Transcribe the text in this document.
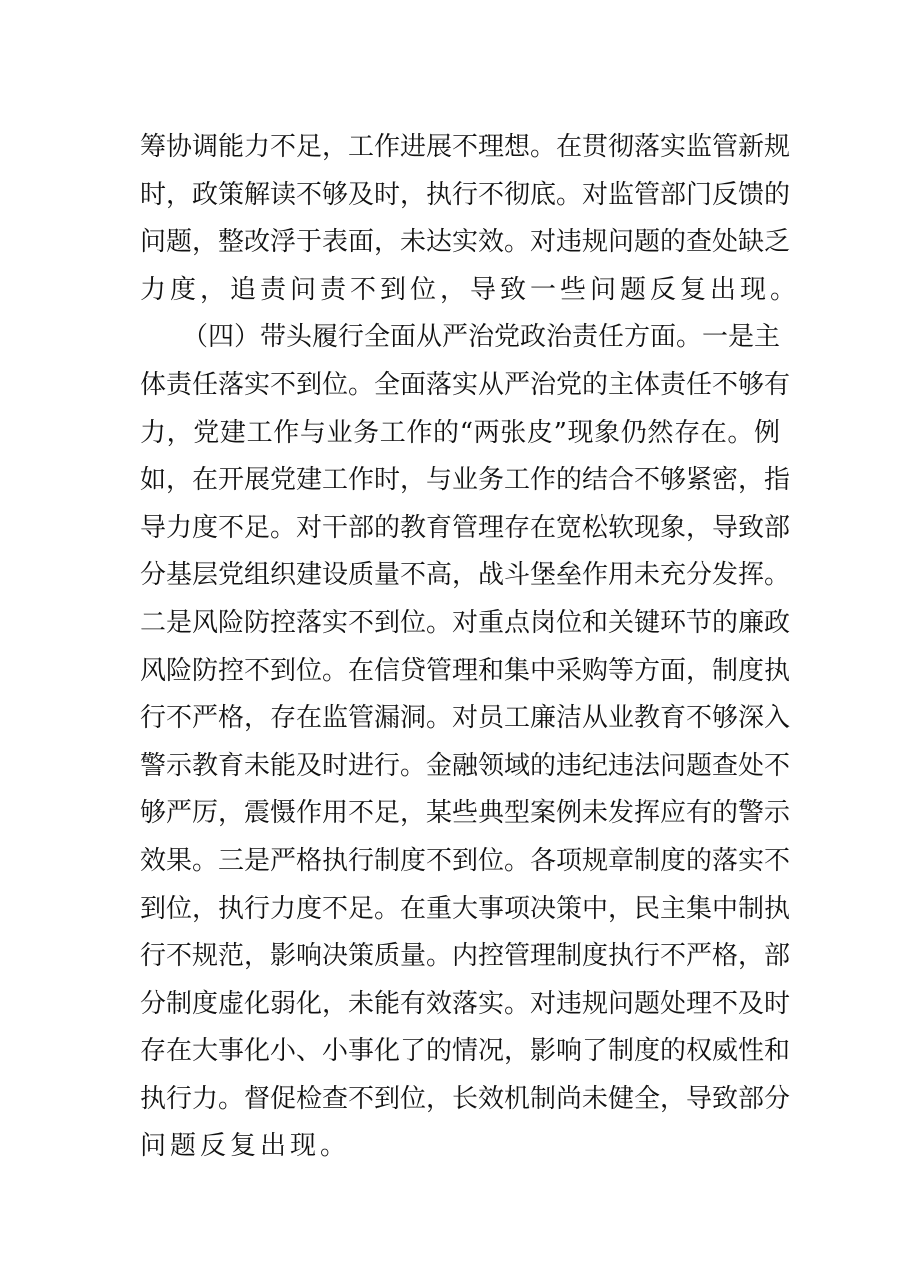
筹协调能力不足，工作进展不理想。在贯彻落实监管新规
时，政策解读不够及时，执行不彻底。对监管部门反馈的
问题，整改浮于表面，未达实效。对违规问题的查处缺乏
力度，追责问责不到位，导致一些问题反复出现。
（四）带头履行全面从严治党政治责任方面。一是主
体责任落实不到位。全面落实从严治党的主体责任不够有
力，党建工作与业务工作的“两张皮”现象仍然存在。例
如，在开展党建工作时，与业务工作的结合不够紧密，指
导力度不足。对干部的教育管理存在宽松软现象，导致部
分基层党组织建设质量不高，战斗堡垒作用未充分发挥。
二是风险防控落实不到位。对重点岗位和关键环节的廉政
风险防控不到位。在信贷管理和集中采购等方面，制度执
行不严格，存在监管漏洞。对员工廉洁从业教育不够深入
警示教育未能及时进行。金融领域的违纪违法问题查处不
够严厉，震慑作用不足，某些典型案例未发挥应有的警示
效果。三是严格执行制度不到位。各项规章制度的落实不
到位，执行力度不足。在重大事项决策中，民主集中制执
行不规范，影响决策质量。内控管理制度执行不严格，部
分制度虚化弱化，未能有效落实。对违规问题处理不及时
存在大事化小、小事化了的情况，影响了制度的权威性和
执行力。督促检查不到位，长效机制尚未健全，导致部分
问题反复出现。
